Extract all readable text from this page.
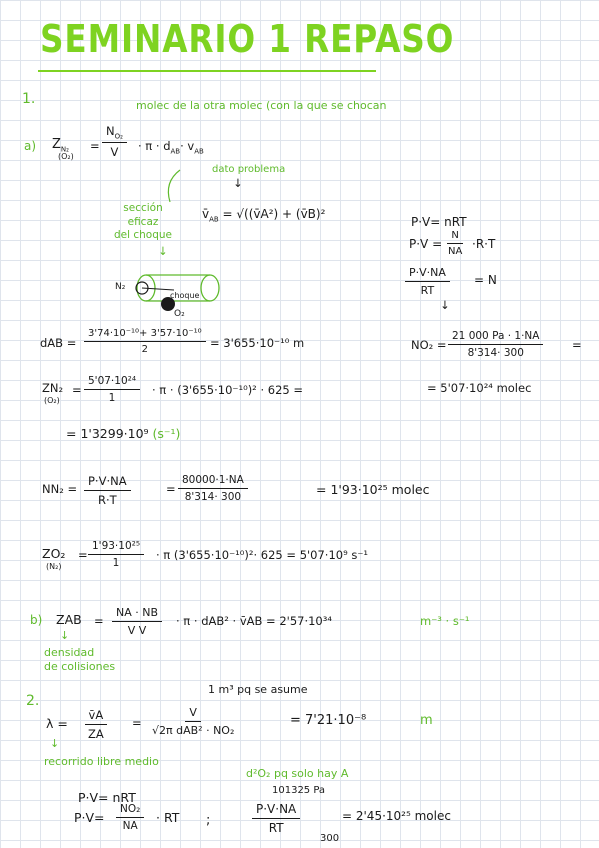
SEMINARIO 1 REPASO
1.	molec de la otra molec (con la que se chocan
a) $Z_{N_2}$
(O₂)
= $\frac{N_{O_2}}{V} \cdot \pi \cdot d_{AB}\cdot v_{AB}$
dato problema
↓
sección
eficaz
del choque
↓
$v̄_{AB}$ = √((v̄A²) + (v̄B)²
N₂
choque
O₂
P·V= nRT
$P\cdot V = \frac{N}{NA} \cdot R\cdot T$
$\frac{P\cdot V\cdot NA}{RT} = N$
↓
dAB = $\frac{\text{3'74·10⁻¹⁰+ 3'57·10⁻¹⁰}}{2} = 3'655\cdot 10^{-10}$ m	$NO_2 = \frac{21 000 Pa \cdot 1\cdot NA}{8'314\cdot 300}$ =
ZN₂
(O₂)
= $\frac{\text{5'07·10²⁴}}{1} \cdot \pi \cdot (3'655\cdot 10^{-10})^2 \cdot 625$ =	= 5'07·10²⁴ molec
= 1'3299·10⁹ (s⁻¹)
$NN_2 = \frac{P\cdot V\cdot NA}{R\cdot T}$	= $\frac{80000\cdot 1\cdot NA}{8'314\cdot 300}$	= 1'93·10²⁵ molec
ZO₂
(N₂)
= $\frac{\text{1'93·10²⁵}}{1} \cdot \pi$ (3'655·10⁻¹⁰)²· 625 = 5'07·10⁹ s⁻¹
b) ZAB = $\frac{NA \cdot NB}{\text{V V}} \cdot \pi \cdot dAB^2$ · v̄AB = 2'57·10³⁴	m⁻³ · s⁻¹
↓
densidad
de colisiones
2.
1 m³ pq se asume
$\lambda = \frac{v̄A}{ZA}$ =
V
√2π dAB² · NO₂
= 7'21·10⁻⁸	m
↓
recorrido libre medio
d²O₂ pq solo hay A
101325 Pa
P·V= nRT
$P\cdot V= \frac{\text{NO₂}}{NA}$ · RT ;	$\frac{P\cdot V\cdot NA}{RT}$	= 2'45·10²⁵ molec
300
